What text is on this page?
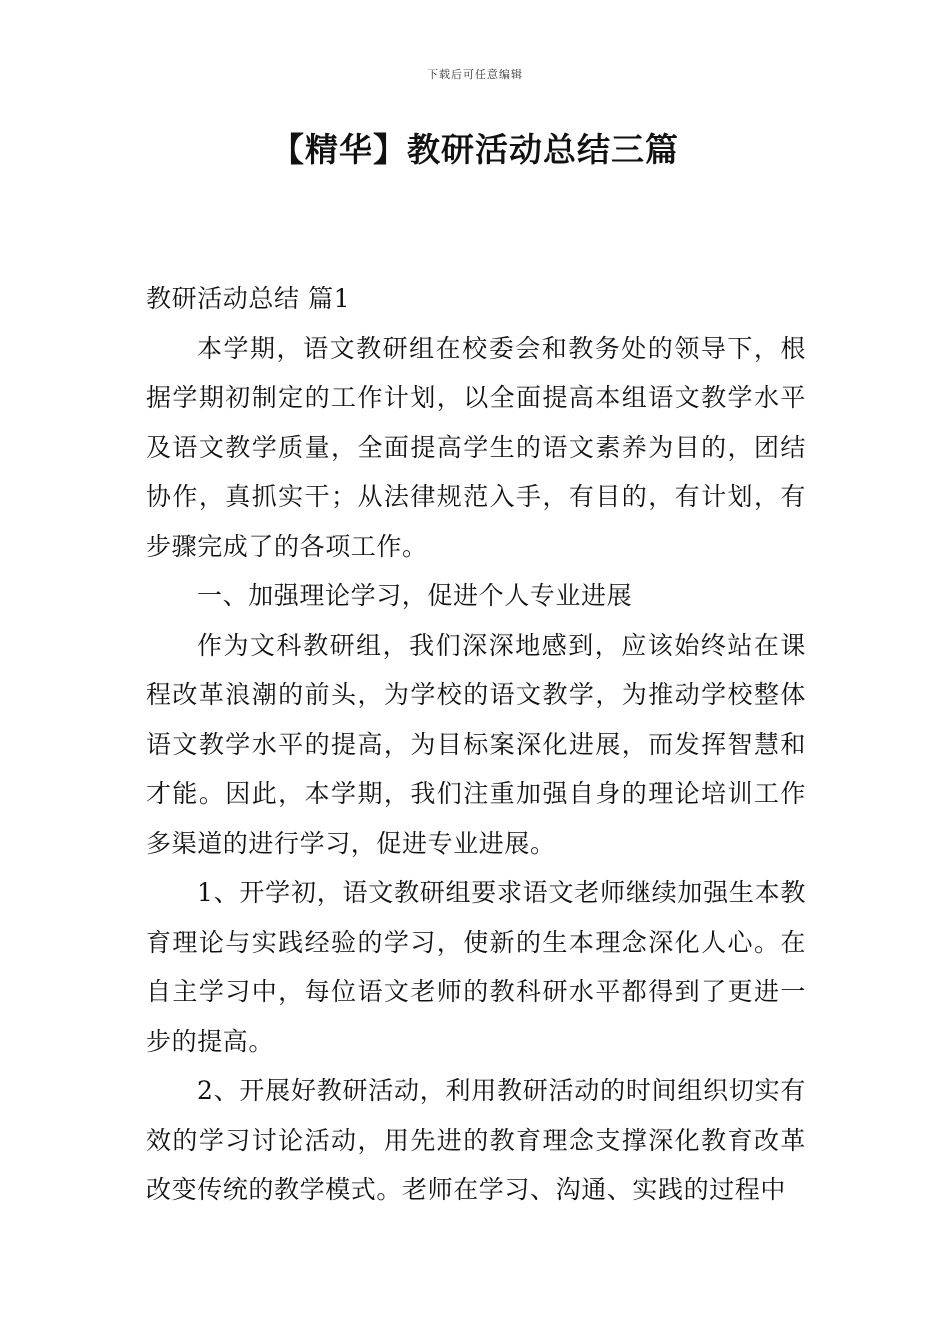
下载后可任意编辑
【精华】教研活动总结三篇

教研活动总结 篇1

本学期，语文教研组在校委会和教务处的领导下，根据学期初制定的工作计划，以全面提高本组语文教学水平及语文教学质量，全面提高学生的语文素养为目的，团结协作，真抓实干；从法律规范入手，有目的，有计划，有步骤完成了的各项工作。

一、加强理论学习，促进个人专业进展

作为文科教研组，我们深深地感到，应该始终站在课程改革浪潮的前头，为学校的语文教学，为推动学校整体语文教学水平的提高，为目标案深化进展，而发挥智慧和才能。因此，本学期，我们注重加强自身的理论培训工作多渠道的进行学习，促进专业进展。

1、开学初，语文教研组要求语文老师继续加强生本教育理论与实践经验的学习，使新的生本理念深化人心。在自主学习中，每位语文老师的教科研水平都得到了更进一步的提高。

2、开展好教研活动，利用教研活动的时间组织切实有效的学习讨论活动，用先进的教育理念支撑深化教育改革改变传统的教学模式。老师在学习、沟通、实践的过程中
